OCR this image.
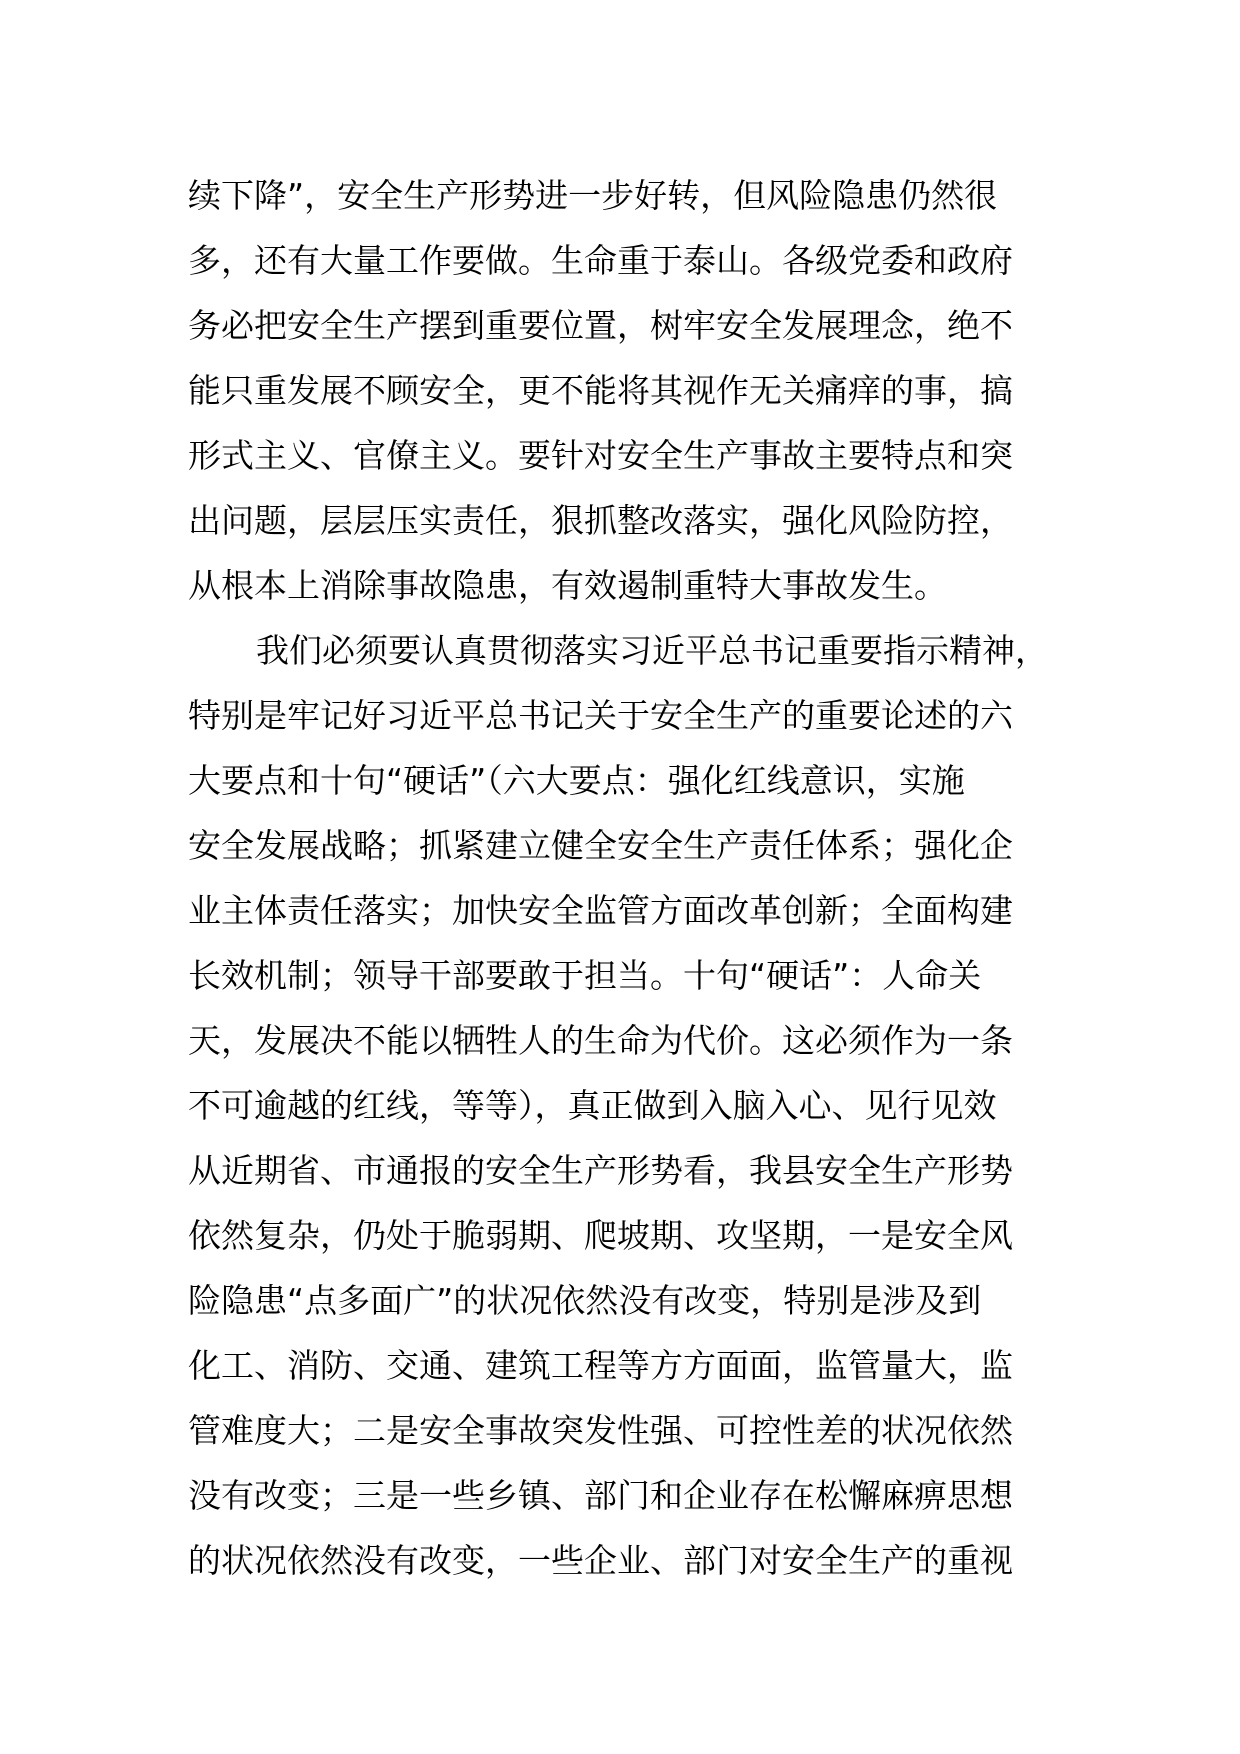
续下降”，安全生产形势进一步好转，但风险隐患仍然很
多，还有大量工作要做。生命重于泰山。各级党委和政府
务必把安全生产摆到重要位置，树牢安全发展理念，绝不
能只重发展不顾安全，更不能将其视作无关痛痒的事，搞
形式主义、官僚主义。要针对安全生产事故主要特点和突
出问题，层层压实责任，狠抓整改落实，强化风险防控，
从根本上消除事故隐患，有效遏制重特大事故发生。
我们必须要认真贯彻落实习近平总书记重要指示精神，
特别是牢记好习近平总书记关于安全生产的重要论述的六
大要点和十句“硬话”（六大要点：强化红线意识，实施
安全发展战略；抓紧建立健全安全生产责任体系；强化企
业主体责任落实；加快安全监管方面改革创新；全面构建
长效机制；领导干部要敢于担当。十句“硬话”：人命关
天，发展决不能以牺牲人的生命为代价。这必须作为一条
不可逾越的红线，等等），真正做到入脑入心、见行见效
从近期省、市通报的安全生产形势看，我县安全生产形势
依然复杂，仍处于脆弱期、爬坡期、攻坚期，一是安全风
险隐患“点多面广”的状况依然没有改变，特别是涉及到
化工、消防、交通、建筑工程等方方面面，监管量大，监
管难度大；二是安全事故突发性强、可控性差的状况依然
没有改变；三是一些乡镇、部门和企业存在松懈麻痹思想
的状况依然没有改变，一些企业、部门对安全生产的重视
